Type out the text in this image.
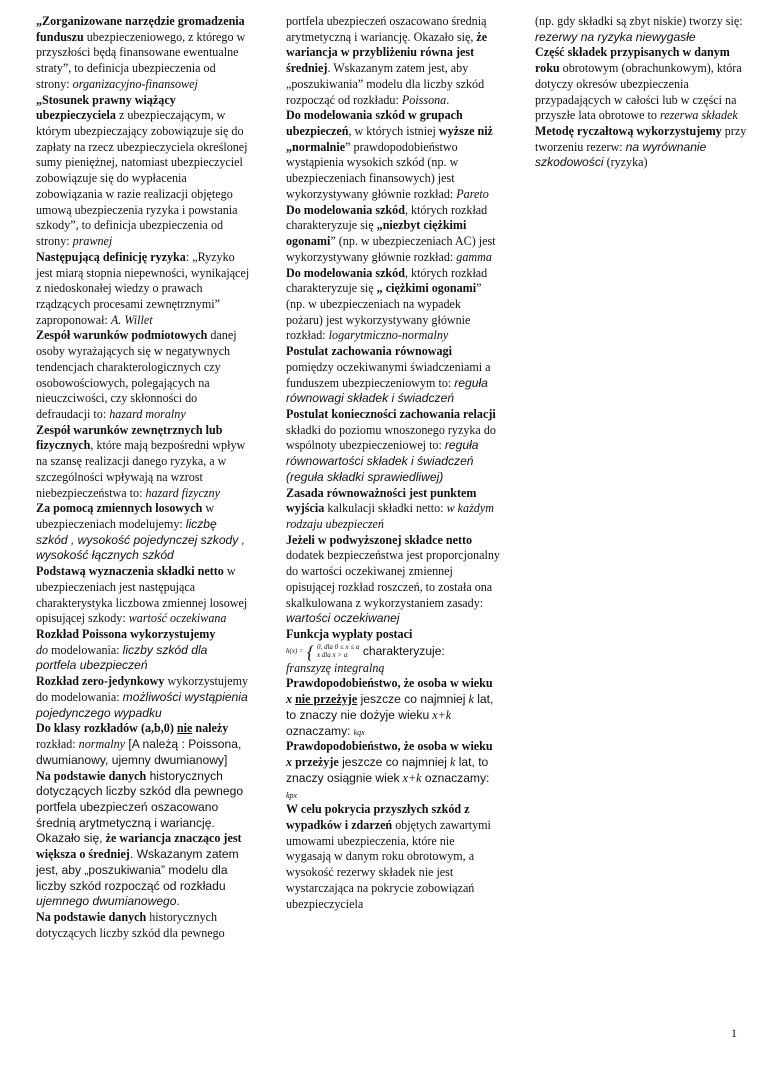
„Zorganizowane narzędzie gromadzenia funduszu ubezpieczeniowego, z którego w przyszłości będą finansowane ewentualne straty”, to definicja ubezpieczenia od strony: organizacyjno-finansowej

„Stosunek prawny wiążący ubezpieczyciela z ubezpieczającym, w którym ubezpieczający zobowiązuje się do zapłaty na rzecz ubezpieczyciela określonej sumy pieniężnej, natomiast ubezpieczyciel zobowiązuje się do wypłacenia zobowiązania w razie realizacji objętego umową ubezpieczenia ryzyka i powstania szkody”, to definicja ubezpieczenia od strony: prawnej

Następującą definicję ryzyka: „Ryzyko jest miarą stopnia niepewności, wynikającej z niedoskonałej wiedzy o prawach rządzących procesami zewnętrznymi” zaproponował: A. Willet

Zespół warunków podmiotowych danej osoby wyrażających się w negatywnych tendencjach charakterologicznych czy osobowościowych, polegających na nieuczciwości, czy skłonności do defraudacji to: hazard moralny

Zespół warunków zewnętrznych lub fizycznych, które mają bezpośredni wpływ na szansę realizacji danego ryzyka, a w szczególności wpływają na wzrost niebezpieczeństwa to: hazard fizyczny

Za pomocą zmiennych losowych w ubezpieczeniach modelujemy: liczbę szkód , wysokość pojedynczej szkody , wysokość łącznych szkód

Podstawą wyznaczenia składki netto w ubezpieczeniach jest następująca charakterystyka liczbowa zmiennej losowej opisującej szkody: wartość oczekiwana

Rozkład Poissona wykorzystujemy
do modelowania: liczby szkód dla portfela ubezpieczeń

Rozkład zero-jedynkowy wykorzystujemy do modelowania: możliwości wystąpienia pojedynczego wypadku

Do klasy rozkładów (a,b,0) nie należy rozkład: normalny [A należą : Poissona, dwumianowy, ujemny dwumianowy]

Na podstawie danych historycznych dotyczących liczby szkód dla pewnego portfela ubezpieczeń oszacowano średnią arytmetyczną i wariancję. Okazało się, że wariancja znacząco jest większa o średniej. Wskazanym zatem jest, aby „poszukiwania” modelu dla liczby szkód rozpocząć od rozkładu ujemnego dwumianowego.

Na podstawie danych historycznych dotyczących liczby szkód dla pewnego

portfela ubezpieczeń oszacowano średnią arytmetyczną i wariancję. Okazało się, że wariancja w przybliżeniu równa jest średniej. Wskazanym zatem jest, aby „poszukiwania” modelu dla liczby szkód rozpocząć od rozkładu: Poissona.

Do modelowania szkód w grupach ubezpieczeń, w których istniej wyższe niż „normalnie” prawdopodobieństwo wystąpienia wysokich szkód (np. w ubezpieczeniach finansowych) jest wykorzystywany głównie rozkład: Pareto

Do modelowania szkód, których rozkład charakteryzuje się „niezbyt ciężkimi ogonami” (np. w ubezpieczeniach AC) jest wykorzystywany głównie rozkład: gamma

Do modelowania szkód, których rozkład charakteryzuje się „ ciężkimi ogonami” (np. w ubezpieczeniach na wypadek pożaru) jest wykorzystywany głównie rozkład: logarytmiczno-normalny

Postulat zachowania równowagi pomiędzy oczekiwanymi świadczeniami a funduszem ubezpieczeniowym to: reguła równowagi składek i świadczeń

Postulat konieczności zachowania relacji składki do poziomu wnoszonego ryzyka do wspólnoty ubezpieczeniowej to: reguła równowartości składek i świadczeń (reguła składki sprawiedliwej)

Zasada równoważności jest punktem wyjścia kalkulacji składki netto: w każdym rodzaju ubezpieczeń

Jeżeli w podwyższonej składce netto dodatek bezpieczeństwa jest proporcjonalny do wartości oczekiwanej zmiennej opisującej rozkład roszczeń, to została ona skalkulowana z wykorzystaniem zasady: wartości oczekiwanej

Funkcja wypłaty postaci

h(x) = { 0, dla 0 ≤ x ≤ a
x dla x > a	charakteryzuje:
franszyzę integralną

Prawdopodobieństwo, że osoba w wieku x nie przeżyje jeszcze co najmniej k lat, to znaczy nie dożyje wieku x+k oznaczamy: kqx

Prawdopodobieństwo, że osoba w wieku x przeżyje jeszcze co najmniej k lat, to znaczy osiągnie wiek x+k oznaczamy: kpx

W celu pokrycia przyszłych szkód z wypadków i zdarzeń objętych zawartymi umowami ubezpieczenia, które nie wygasają w danym roku obrotowym, a wysokość rezerwy składek nie jest wystarczająca na pokrycie zobowiązań ubezpieczyciela

(np. gdy składki są zbyt niskie) tworzy się: rezerwy na ryzyka niewygasłe

Część składek przypisanych w danym roku obrotowym (obrachunkowym), która dotyczy okresów ubezpieczenia przypadających w całości lub w części na przyszłe lata obrotowe to rezerwa składek

Metodę ryczałtową wykorzystujemy przy tworzeniu rezerw: na wyrównanie szkodowości (ryzyka)

1
